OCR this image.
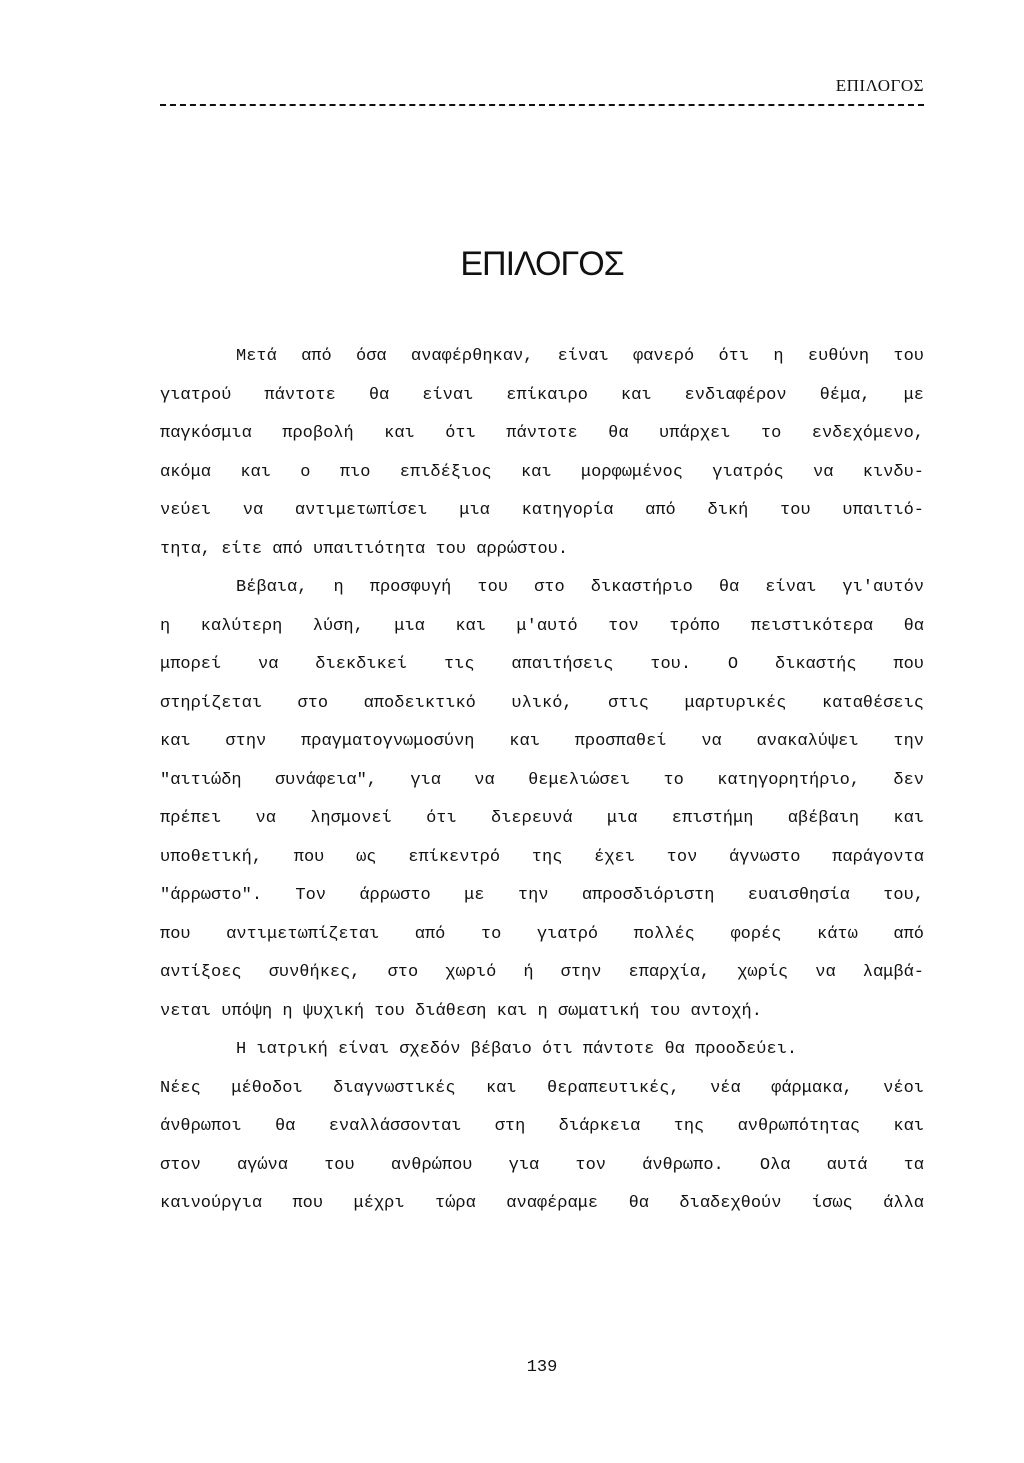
ΕΠΙΛΟΓΟΣ
ΕΠΙΛΟΓΟΣ
Μετά από όσα αναφέρθηκαν, είναι φανερό ότι η ευθύνη του
γιατρού πάντοτε θα είναι επίκαιρο και ενδιαφέρον θέμα, με
παγκόσμια προβολή και ότι πάντοτε θα υπάρχει το ενδεχόμενο,
ακόμα και ο πιο επιδέξιος και μορφωμένος γιατρός να κινδυ-
νεύει να αντιμετωπίσει μια κατηγορία από δική του υπαιτιό-
τητα, είτε από υπαιτιότητα του αρρώστου.
Βέβαια, η προσφυγή του στο δικαστήριο θα είναι γι'αυτόν
η καλύτερη λύση, μια και μ'αυτό τον τρόπο πειστικότερα θα
μπορεί να διεκδικεί τις απαιτήσεις του. Ο δικαστής που
στηρίζεται στο αποδεικτικό υλικό, στις μαρτυρικές καταθέσεις
και στην πραγματογνωμοσύνη και προσπαθεί να ανακαλύψει την
"αιτιώδη συνάφεια", για να θεμελιώσει το κατηγορητήριο, δεν
πρέπει να λησμονεί ότι διερευνά μια επιστήμη αβέβαιη και
υποθετική, που ως επίκεντρό της έχει τον άγνωστο παράγοντα
"άρρωστο". Τον άρρωστο με την απροσδιόριστη ευαισθησία του,
που αντιμετωπίζεται από το γιατρό πολλές φορές κάτω από
αντίξοες συνθήκες, στο χωριό ή στην επαρχία, χωρίς να λαμβά-
νεται υπόψη η ψυχική του διάθεση και η σωματική του αντοχή.
Η ιατρική είναι σχεδόν βέβαιο ότι πάντοτε θα προοδεύει.
Νέες μέθοδοι διαγνωστικές και θεραπευτικές, νέα φάρμακα, νέοι
άνθρωποι θα εναλλάσσονται στη διάρκεια της ανθρωπότητας και
στον αγώνα του ανθρώπου για τον άνθρωπο. Ολα αυτά τα
καινούργια που μέχρι τώρα αναφέραμε θα διαδεχθούν ίσως άλλα
139
